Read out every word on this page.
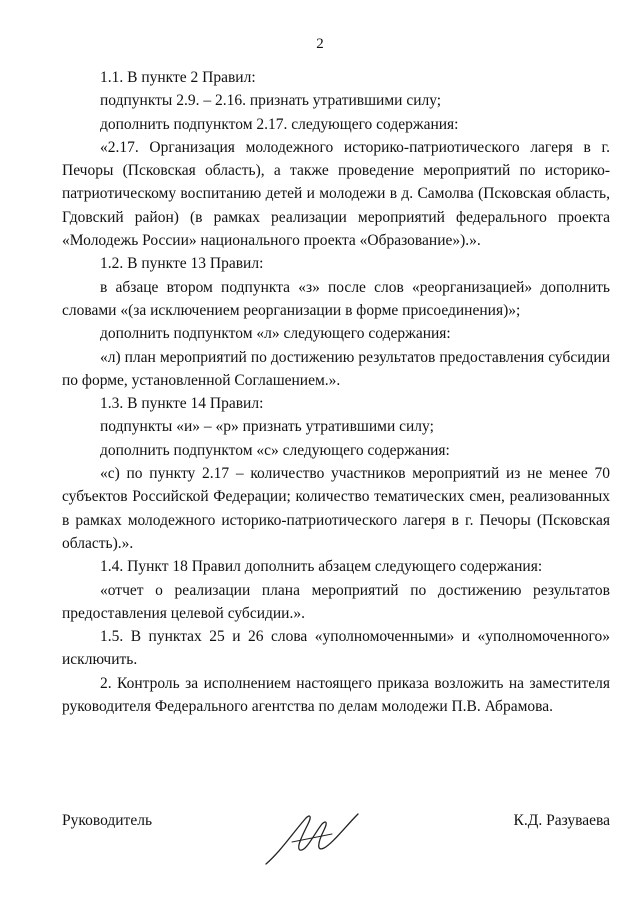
2

1.1. В пункте 2 Правил:

подпункты 2.9. – 2.16. признать утратившими силу;

дополнить подпунктом 2.17. следующего содержания:

«2.17. Организация молодежного историко-патриотического лагеря в г. Печоры (Псковская область), а также проведение мероприятий по историко-патриотическому воспитанию детей и молодежи в д. Самолва (Псковская область, Гдовский район) (в рамках реализации мероприятий федерального проекта «Молодежь России» национального проекта «Образование»).».

1.2. В пункте 13 Правил:

в абзаце втором подпункта «з» после слов «реорганизацией» дополнить словами «(за исключением реорганизации в форме присоединения)»;

дополнить подпунктом «л» следующего содержания:

«л) план мероприятий по достижению результатов предоставления субсидии по форме, установленной Соглашением.».

1.3. В пункте 14 Правил:

подпункты «и» – «р» признать утратившими силу;

дополнить подпунктом «с» следующего содержания:

«с) по пункту 2.17 – количество участников мероприятий из не менее 70 субъектов Российской Федерации; количество тематических смен, реализованных в рамках молодежного историко-патриотического лагеря в г. Печоры (Псковская область).».

1.4. Пункт 18 Правил дополнить абзацем следующего содержания:

«отчет о реализации плана мероприятий по достижению результатов предоставления целевой субсидии.».

1.5. В пунктах 25 и 26 слова «уполномоченными» и «уполномоченного» исключить.

2. Контроль за исполнением настоящего приказа возложить на заместителя руководителя Федерального агентства по делам молодежи П.В. Абрамова.

Руководитель	К.Д. Разуваева
